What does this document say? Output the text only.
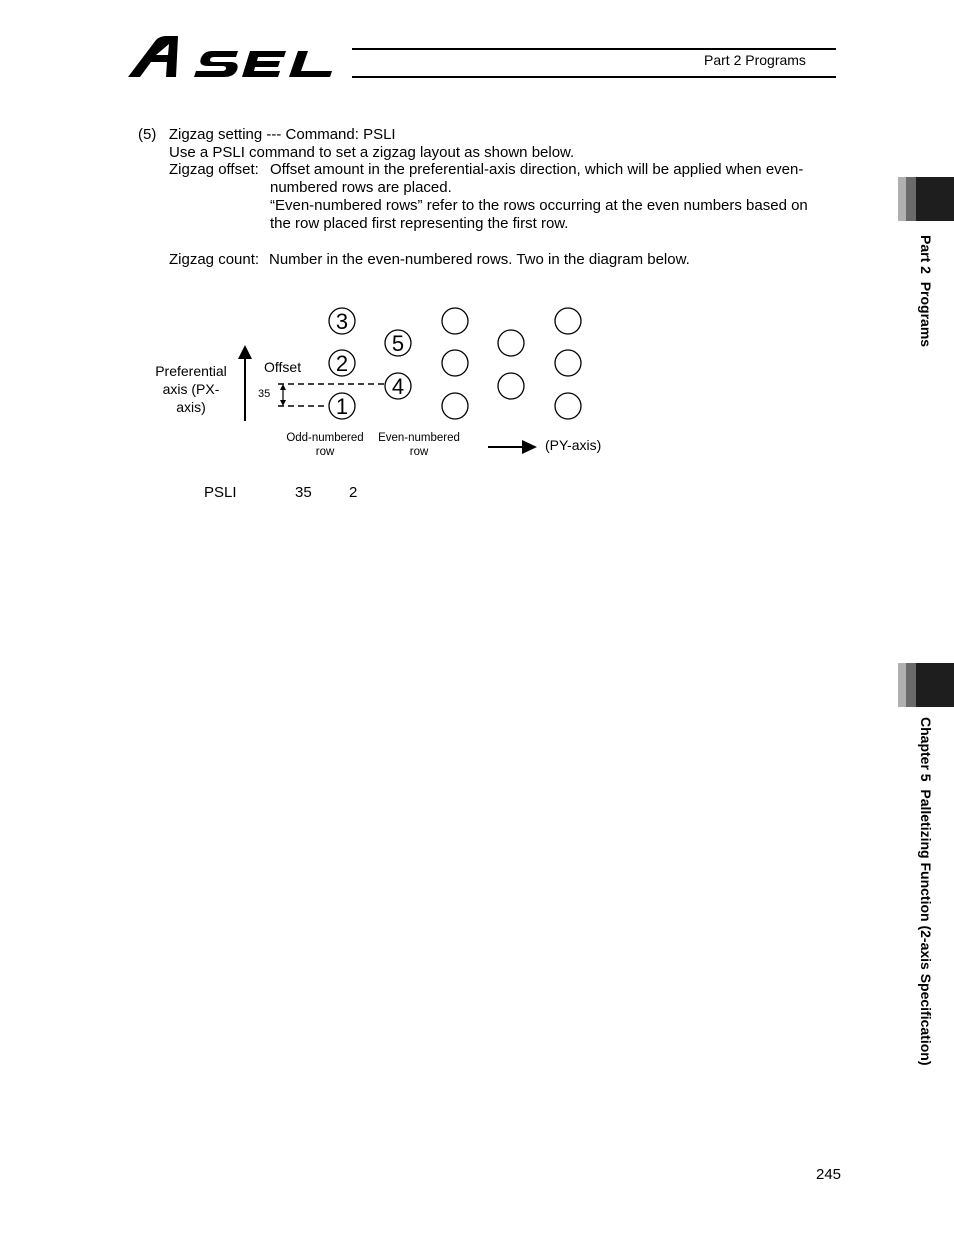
Part 2 Programs
(5)   Zigzag setting --- Command: PSLI
Use a PSLI command to set a zigzag layout as shown below.
Zigzag offset: Offset amount in the preferential-axis direction, which will be applied when even-
numbered rows are placed.
“Even-numbered rows” refer to the rows occurring at the even numbers based on
the row placed first representing the first row.
Zigzag count: Number in the even-numbered rows. Two in the diagram below.
Preferential
axis (PX-
axis)
Offset
35	1
2
3
4
5
Odd-numbered
row
Even-numbered
row	(PY-axis)
PSLI	35 2
Part 2  Programs
Chapter 5  Palletizing Function (2-axis Specification)
245
